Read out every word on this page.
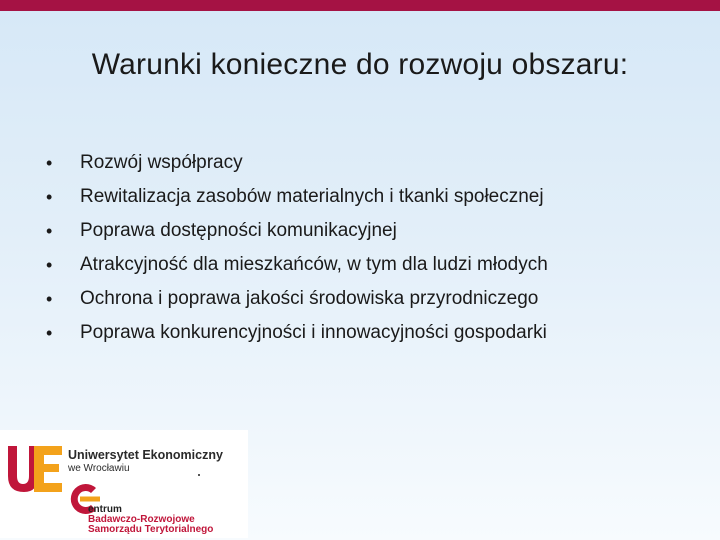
Warunki konieczne do rozwoju obszaru:
• Rozwój współpracy
• Rewitalizacja zasobów materialnych i tkanki społecznej
• Poprawa dostępności komunikacyjnej
• Atrakcyjność dla mieszkańców, w tym dla ludzi młodych
• Ochrona i poprawa jakości środowiska przyrodniczego
• Poprawa konkurencyjności i innowacyjności gospodarki
Uniwersytet Ekonomiczny
we Wrocławiu
entrum
Badawczo-Rozwojowe
Samorządu Terytorialnego
